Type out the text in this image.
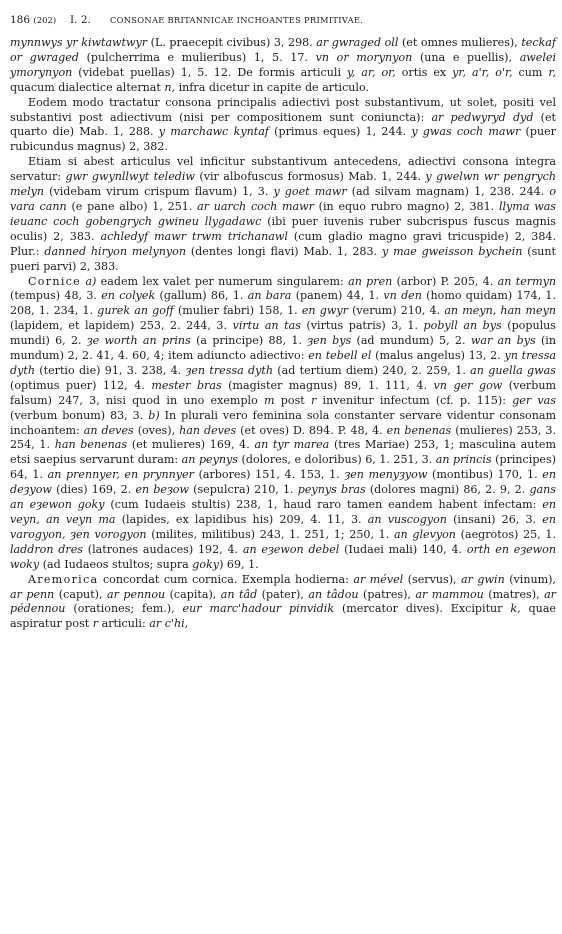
186 (202) I. 2. CONSONAE BRITANNICAE INCHOANTES PRIMITIVAE.

mynnwys yr kiwtawtwyr (L. praecepit civibus) 3, 298. ar gwraged oll (et omnes mulieres), teckaf or gwraged (pulcherrima e mulieribus) 1, 5. 17. vn or morynyon (una e puellis), awelei ymorynyon (videbat puellas) 1, 5. 12. De formis articuli y, ar, or, ortis ex yr, a'r, o'r, cum r, quacum dialectice alternat n, infra dicetur in capite de articulo.

Eodem modo tractatur consona principalis adiectivi post substantivum, ut solet, positi vel substantivi post adiectivum (nisi per compositionem sunt coniuncta): ar pedwyryd dyd (et quarto die) Mab. 1, 288. y marchawc kyntaf (primus eques) 1, 244. y gwas coch mawr (puer rubicundus magnus) 2, 382.

Etiam si abest articulus vel inficitur substantivum antecedens, adiectivi consona integra servatur: gwr gwynllwyt telediw (vir albofuscus formosus) Mab. 1, 244. y gwelwn wr pengrych melyn (videbam virum crispum flavum) 1, 3. y goet mawr (ad silvam magnam) 1, 238. 244. o vara cann (e pane albo) 1, 251. ar uarch coch mawr (in equo rubro magno) 2, 381. llyma was ieuanc coch gobengrych gwineu llygadawc (ibi puer iuvenis ruber subcrispus fuscus magnis oculis) 2, 383. achledyf mawr trwm trichanawl (cum gladio magno gravi tricuspide) 2, 384. Plur.: danned hiryon melynyon (dentes longi flavi) Mab. 1, 283. y mae gweisson bychein (sunt pueri parvi) 2, 383.

Cornice a) eadem lex valet per numerum singularem: an pren (arbor) P. 205, 4. an termyn (tempus) 48, 3. en colyek (gallum) 86, 1. an bara (panem) 44, 1. vn den (homo quidam) 174, 1. 208, 1. 234, 1. gurek an goff (mulier fabri) 158, 1. en gwyr (verum) 210, 4. an meyn, han meyn (lapidem, et lapidem) 253, 2. 244, 3. virtu an tas (virtus patris) 3, 1. pobyll an bys (populus mundi) 6, 2. ȝe worth an prins (a principe) 88, 1. ȝen bys (ad mundum) 5, 2. war an bys (in mundum) 2, 2. 41, 4. 60, 4; item adiuncto adiectivo: en tebell el (malus angelus) 13, 2. yn tressa dyth (tertio die) 91, 3. 238, 4. ȝen tressa dyth (ad tertium diem) 240, 2. 259, 1. an guella gwas (optimus puer) 112, 4. mester bras (magister magnus) 89, 1. 111, 4. vn ger gow (verbum falsum) 247, 3, nisi quod in uno exemplo m post r invenitur infectum (cf. p. 115): ger vas (verbum bonum) 83, 3. b) In plurali vero feminina sola constanter servare videntur consonam inchoantem: an deves (oves), han deves (et oves) D. 894. P. 48, 4. en benenas (mulieres) 253, 3. 254, 1. han benenas (et mulieres) 169, 4. an tyr marea (tres Mariae) 253, 1; masculina autem etsi saepius servarunt duram: an peynys (dolores, e doloribus) 6, 1. 251, 3. an princis (principes) 64, 1. an prennyer, en prynnyer (arbores) 151, 4. 153, 1. ȝen menyȝyow (montibus) 170, 1. en deȝyow (dies) 169, 2. en beȝow (sepulcra) 210, 1. peynys bras (dolores magni) 86, 2. 9, 2. gans an eȝewon goky (cum Iudaeis stultis) 238, 1, haud raro tamen eandem habent infectam: en veyn, an veyn ma (lapides, ex lapidibus his) 209, 4. 11, 3. an vuscogyon (insani) 26, 3. en varogyon, ȝen vorogyon (milites, militibus) 243, 1. 251, 1; 250, 1. an glevyon (aegrotos) 25, 1. laddron dres (latrones audaces) 192, 4. an eȝewon debel (Iudaei mali) 140, 4. orth en eȝewon woky (ad Iudaeos stultos; supra goky) 69, 1.

Aremorica concordat cum cornica. Exempla hodierna: ar mével (servus), ar gwin (vinum), ar penn (caput), ar pennou (capita), an tâd (pater), an tâdou (patres), ar mammou (matres), ar pédennou (orationes; fem.), eur marc'hadour pinvidik (mercator dives). Excipitur k, quae aspiratur post r articuli: ar c'hi,
